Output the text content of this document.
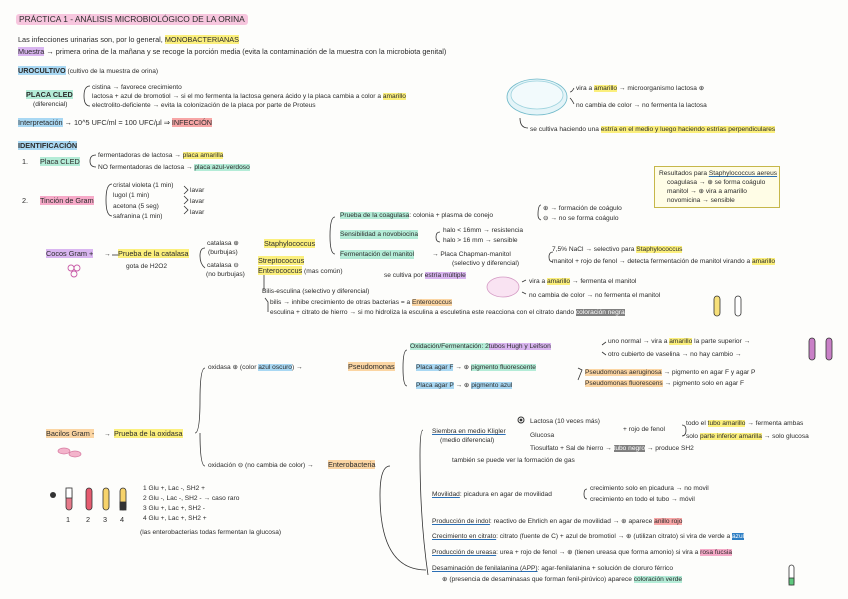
PRÁCTICA 1 - ANÁLISIS MICROBIOLÓGICO DE LA ORINA
Las infecciones urinarias son, por lo general, MONOBACTERIANAS
Muestra → primera orina de la mañana y se recoge la porción media (evita la contaminación de la muestra con la microbiota genital)
UROCULTIVO (cultivo de la muestra de orina)
PLACA CLED
(diferencial)
cistina → favorece crecimiento
lactosa + azul de bromotiol → si el mo fermenta la lactosa genera ácido y la placa cambia a color a amarillo
electrolito-deficiente → evita la colonización de la placa por parte de Proteus
Interpretación → 10^5 UFC/ml = 100 UFC/μl ⇒ INFECCIÓN
vira a amarillo → microorganismo lactosa ⊕
no cambia de color → no fermenta la lactosa
se cultiva haciendo una estría en el medio y luego haciendo estrías perpendiculares
IDENTIFICACIÓN
1. Placa CLED
fermentadoras de lactosa → placa amarilla
NO fermentadoras de lactosa → placa azul-verdoso
2. Tinción de Gram
cristal violeta (1 min)
lugol (1 min)
acetona (5 seg)
safranina (1 min)
lavar
lavar
lavar
Resultados para Staphylococcus aereus
coagulasa → ⊕ se forma coágulo
manitol → ⊕ vira a amarillo
novomicina → sensible
Cocos Gram + → Prueba de la catalasa
gota de H2O2
catalasa ⊕
(burbujas)
catalasa ⊖
(no burbujas)
Staphylococcus
Streptococcus
Enterococcus (mas común)
Prueba de la coagulasa: colonia + plasma de conejo
⊕ → formación de coágulo
⊖ → no se forma coágulo
Sensibilidad a novobiocina
halo < 16mm → resistencia
halo > 16 mm → sensible
Fermentación del manitol	→ Placa Chapman-manitol
(selectivo y diferencial)
7,5% NaCl → selectivo para Staphylococcus
manitol + rojo de fenol → detecta fermentación de manitol virando a amarillo
se cultiva por estría múltiple
vira a amarillo → fermenta el manitol
no cambia de color → no fermenta el manitol
Bilis-esculina (selectivo y diferencial)
bilis → inhibe crecimiento de otras bacterias = a Enterococcus
esculina + citrato de hierro → si mo hidroliza la esculina a esculetina este reacciona con el citrato dando coloración negra
Bacilos Gram - → Prueba de la oxidasa
oxidasa ⊕ (color azul oscuro) →	Pseudomonas
Oxidación/Fermentación: 2tubos Hugh y Leifson
uno normal → vira a amarillo la parte superior →
otro cubierto de vaselina → no hay cambio →
Placa agar F → ⊕ pigmento fluorescente
Placa agar P → ⊕ pigmento azul
Pseudomonas aeruginosa → pigmento en agar F y agar P
Pseudomonas fluorescens → pigmento solo en agar F
oxidación ⊖ (no cambia de color) → Enterobacteria
Siembra en medio Kligler
(medio diferencial)
Lactosa (10 veces más)
Glucosa
+ rojo de fenol
todo el tubo amarillo → fermenta ambas
solo parte inferior amarilla → solo glucosa
Tiosulfato + Sal de hierro → tubo negro → produce SH2
también se puede ver la formación de gas
Movilidad: picadura en agar de movilidad
crecimiento solo en picadura → no movil
crecimiento en todo el tubo → móvil
Producción de indol: reactivo de Ehrlich en agar de movilidad → ⊕ aparece anillo rojo
Crecimiento en citrato: citrato (fuente de C) + azul de bromotiol → ⊕ (utilizan citrato) si vira de verde a azul
Producción de ureasa: urea + rojo de fenol → ⊕ (tienen ureasa que forma amonio) si vira a rosa fucsia
Desaminación de fenilalanina (APP): agar-fenilalanina + solución de cloruro férrico
⊕ (presencia de desaminasas que forman fenil-pirúvico) aparece coloración verde
1 Glu +, Lac -, SH2 +
2 Glu -, Lac -, SH2 - → caso raro
3 Glu +, Lac +, SH2 -
4 Glu +, Lac +, SH2 +
1 2 3 4
(las enterobacterias todas fermentan la glucosa)
